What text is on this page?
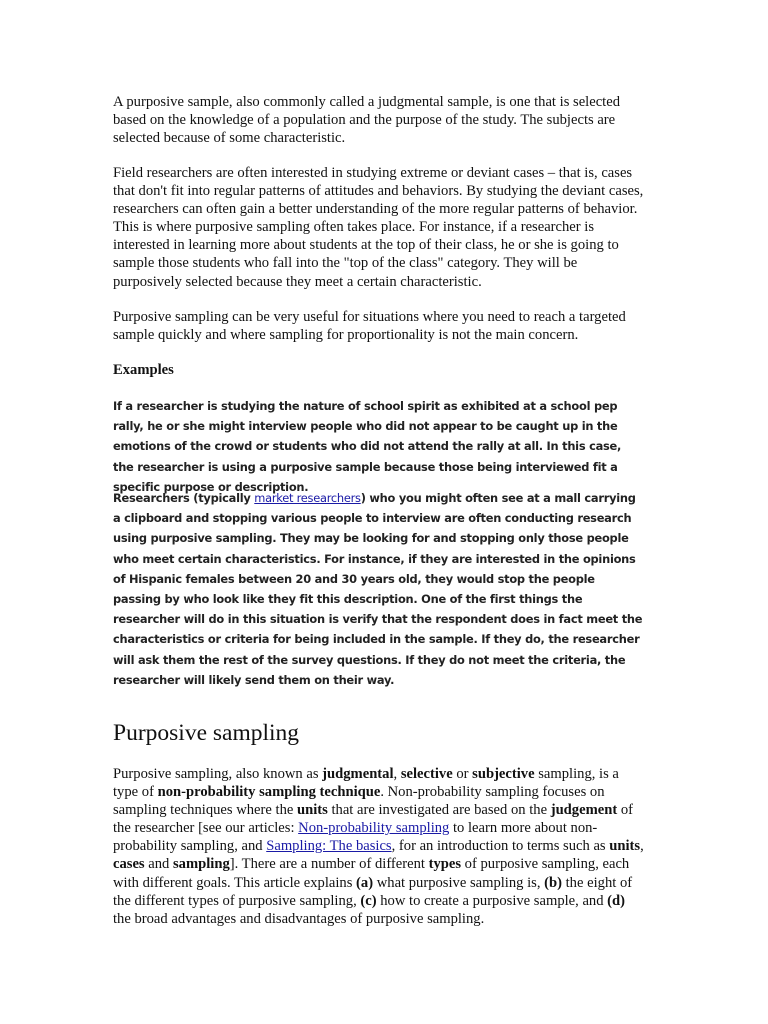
A purposive sample, also commonly called a judgmental sample, is one that is selected based on the knowledge of a population and the purpose of the study. The subjects are selected because of some characteristic.

Field researchers are often interested in studying extreme or deviant cases – that is, cases that don't fit into regular patterns of attitudes and behaviors. By studying the deviant cases, researchers can often gain a better understanding of the more regular patterns of behavior. This is where purposive sampling often takes place. For instance, if a researcher is interested in learning more about students at the top of their class, he or she is going to sample those students who fall into the "top of the class" category. They will be purposively selected because they meet a certain characteristic.

Purposive sampling can be very useful for situations where you need to reach a targeted sample quickly and where sampling for proportionality is not the main concern.

Examples

If a researcher is studying the nature of school spirit as exhibited at a school pep rally, he or she might interview people who did not appear to be caught up in the emotions of the crowd or students who did not attend the rally at all. In this case, the researcher is using a purposive sample because those being interviewed fit a specific purpose or description.

Researchers (typically market researchers) who you might often see at a mall carrying a clipboard and stopping various people to interview are often conducting research using purposive sampling. They may be looking for and stopping only those people who meet certain characteristics. For instance, if they are interested in the opinions of Hispanic females between 20 and 30 years old, they would stop the people passing by who look like they fit this description. One of the first things the researcher will do in this situation is verify that the respondent does in fact meet the characteristics or criteria for being included in the sample. If they do, the researcher will ask them the rest of the survey questions. If they do not meet the criteria, the researcher will likely send them on their way.

Purposive sampling

Purposive sampling, also known as judgmental, selective or subjective sampling, is a type of non-probability sampling technique. Non-probability sampling focuses on sampling techniques where the units that are investigated are based on the judgement of the researcher [see our articles: Non-probability sampling to learn more about non-probability sampling, and Sampling: The basics, for an introduction to terms such as units, cases and sampling]. There are a number of different types of purposive sampling, each with different goals. This article explains (a) what purposive sampling is, (b) the eight of the different types of purposive sampling, (c) how to create a purposive sample, and (d) the broad advantages and disadvantages of purposive sampling.
